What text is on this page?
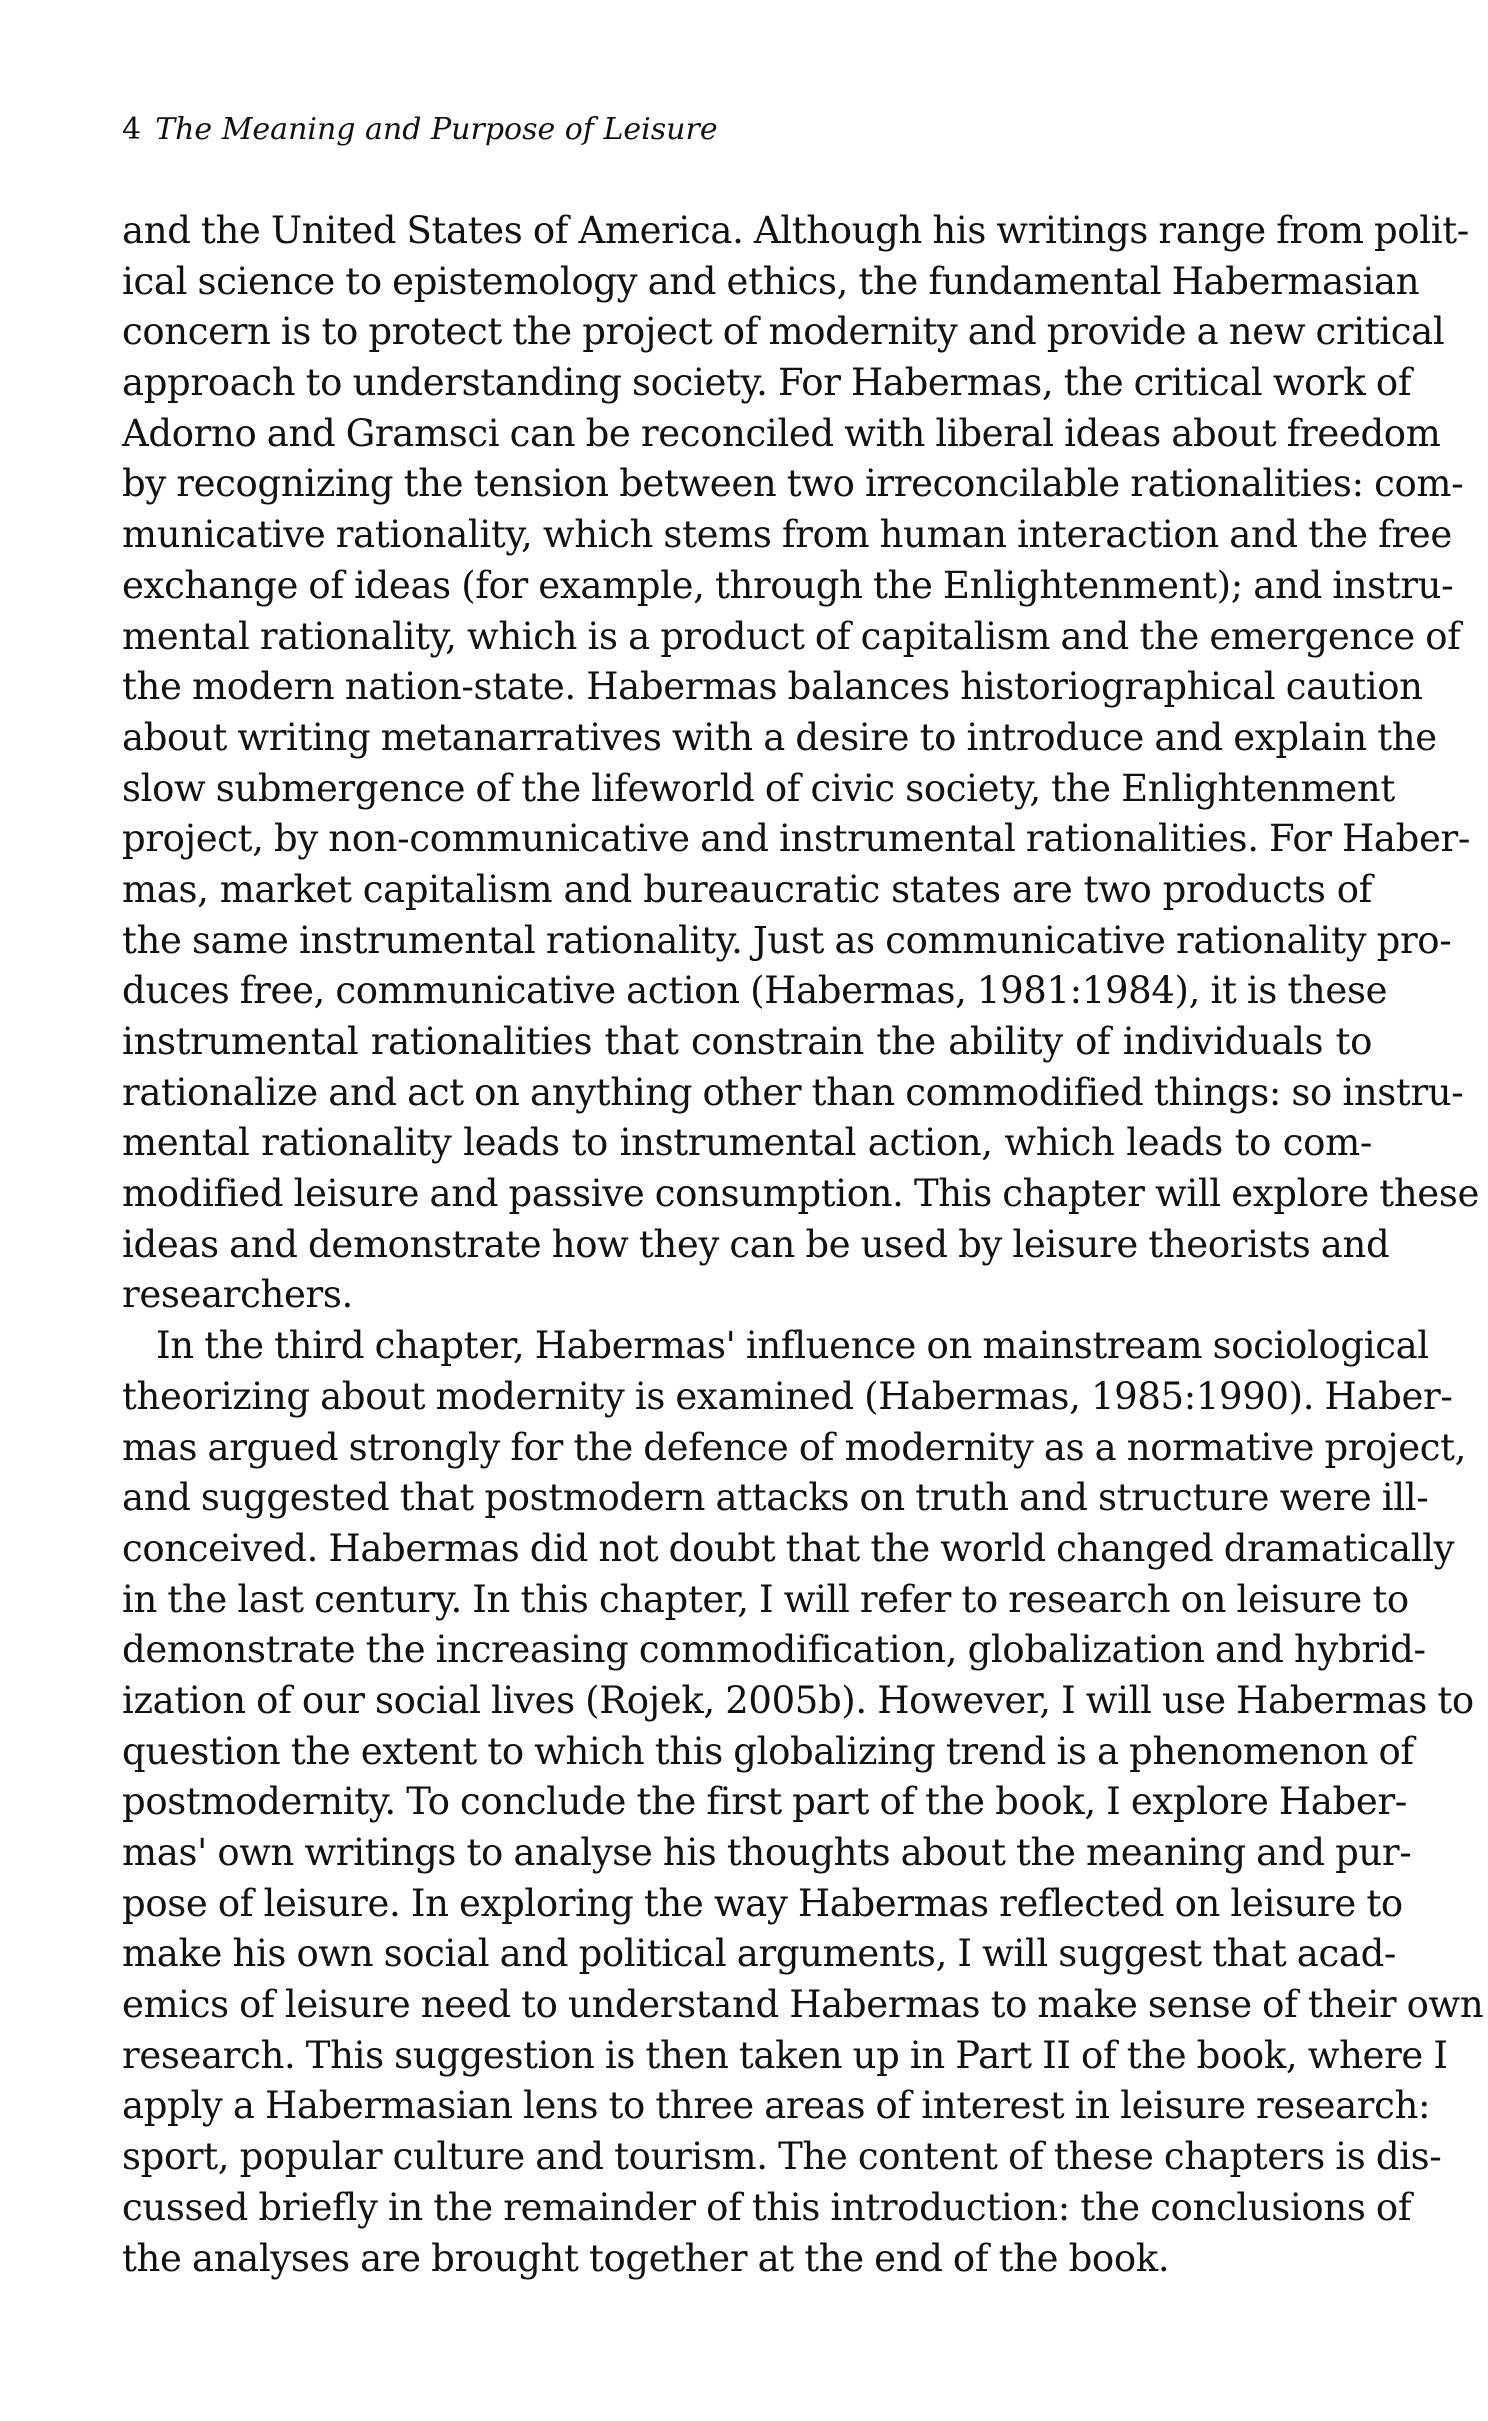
4 The Meaning and Purpose of Leisure
and the United States of America. Although his writings range from polit-
ical science to epistemology and ethics, the fundamental Habermasian
concern is to protect the project of modernity and provide a new critical
approach to understanding society. For Habermas, the critical work of
Adorno and Gramsci can be reconciled with liberal ideas about freedom
by recognizing the tension between two irreconcilable rationalities: com-
municative rationality, which stems from human interaction and the free
exchange of ideas (for example, through the Enlightenment); and instru-
mental rationality, which is a product of capitalism and the emergence of
the modern nation-state. Habermas balances historiographical caution
about writing metanarratives with a desire to introduce and explain the
slow submergence of the lifeworld of civic society, the Enlightenment
project, by non-communicative and instrumental rationalities. For Haber-
mas, market capitalism and bureaucratic states are two products of
the same instrumental rationality. Just as communicative rationality pro-
duces free, communicative action (Habermas, 1981:1984), it is these
instrumental rationalities that constrain the ability of individuals to
rationalize and act on anything other than commodified things: so instru-
mental rationality leads to instrumental action, which leads to com-
modified leisure and passive consumption. This chapter will explore these
ideas and demonstrate how they can be used by leisure theorists and
researchers.
In the third chapter, Habermas' influence on mainstream sociological
theorizing about modernity is examined (Habermas, 1985:1990). Haber-
mas argued strongly for the defence of modernity as a normative project,
and suggested that postmodern attacks on truth and structure were ill-
conceived. Habermas did not doubt that the world changed dramatically
in the last century. In this chapter, I will refer to research on leisure to
demonstrate the increasing commodification, globalization and hybrid-
ization of our social lives (Rojek, 2005b). However, I will use Habermas to
question the extent to which this globalizing trend is a phenomenon of
postmodernity. To conclude the first part of the book, I explore Haber-
mas' own writings to analyse his thoughts about the meaning and pur-
pose of leisure. In exploring the way Habermas reflected on leisure to
make his own social and political arguments, I will suggest that acad-
emics of leisure need to understand Habermas to make sense of their own
research. This suggestion is then taken up in Part II of the book, where I
apply a Habermasian lens to three areas of interest in leisure research:
sport, popular culture and tourism. The content of these chapters is dis-
cussed briefly in the remainder of this introduction: the conclusions of
the analyses are brought together at the end of the book.
